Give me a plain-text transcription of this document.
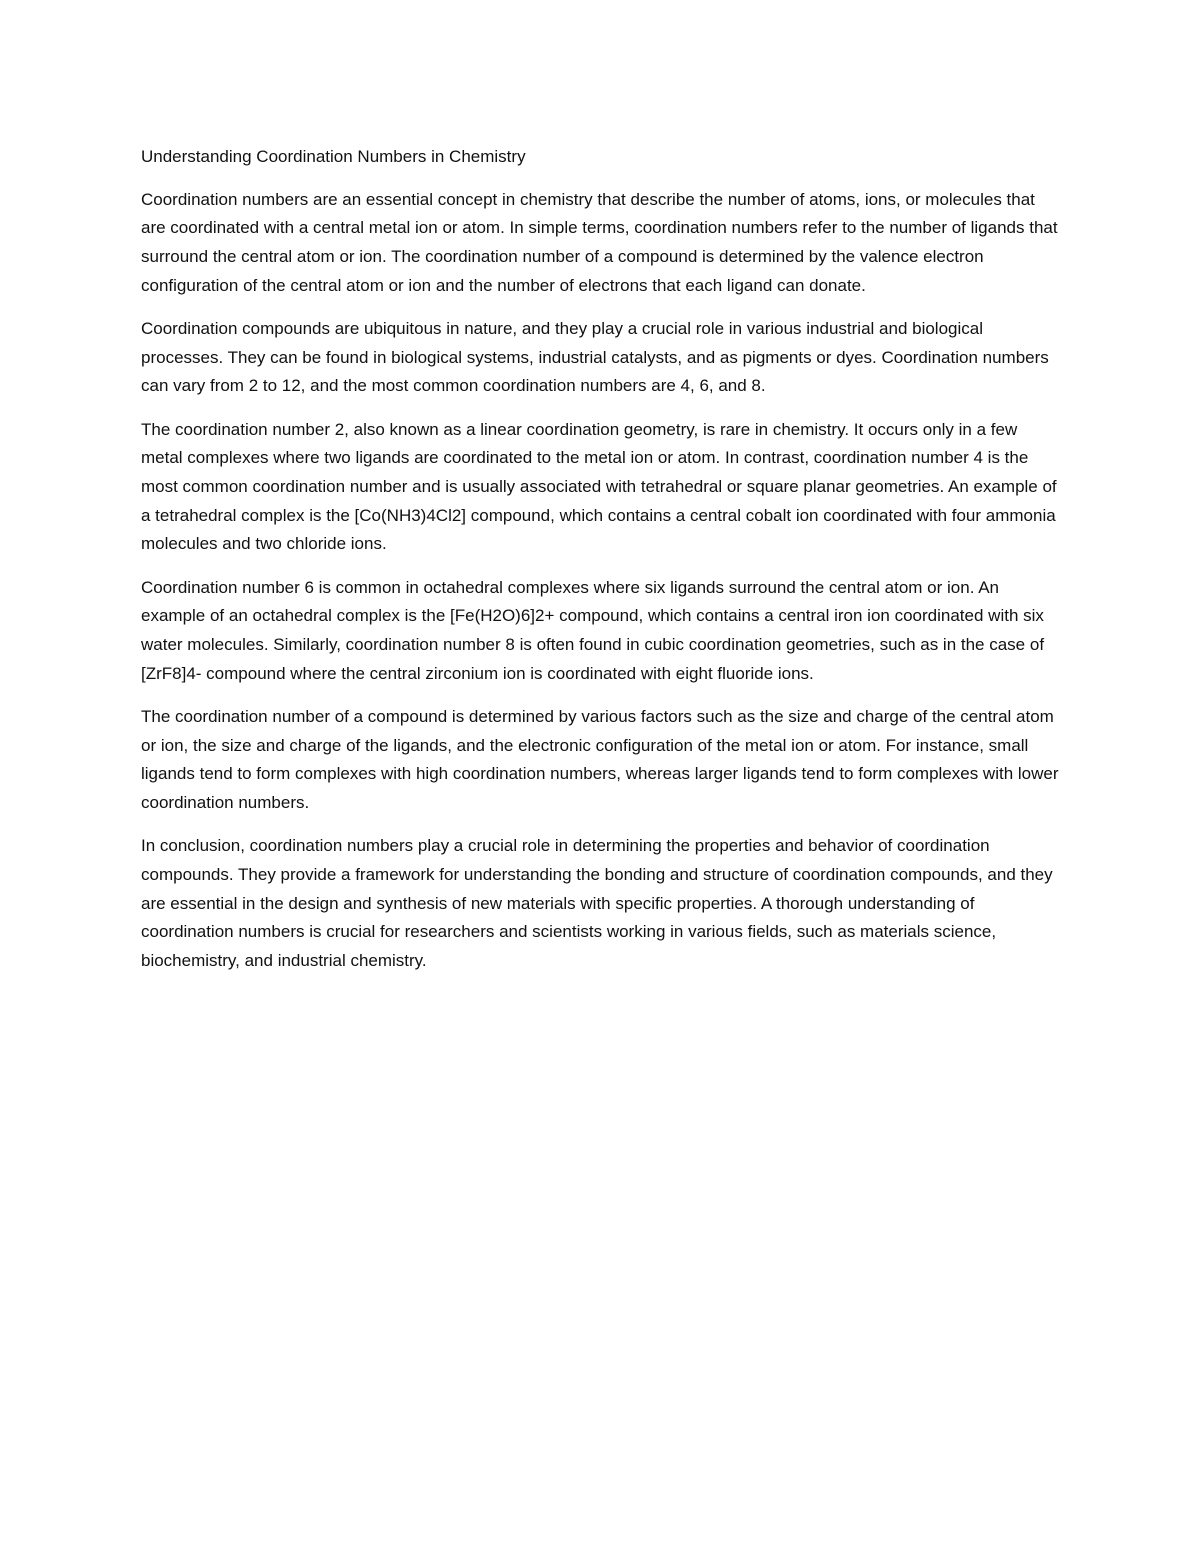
Understanding Coordination Numbers in Chemistry

Coordination numbers are an essential concept in chemistry that describe the number of atoms, ions, or molecules that are coordinated with a central metal ion or atom. In simple terms, coordination numbers refer to the number of ligands that surround the central atom or ion. The coordination number of a compound is determined by the valence electron configuration of the central atom or ion and the number of electrons that each ligand can donate.

Coordination compounds are ubiquitous in nature, and they play a crucial role in various industrial and biological processes. They can be found in biological systems, industrial catalysts, and as pigments or dyes. Coordination numbers can vary from 2 to 12, and the most common coordination numbers are 4, 6, and 8.

The coordination number 2, also known as a linear coordination geometry, is rare in chemistry. It occurs only in a few metal complexes where two ligands are coordinated to the metal ion or atom. In contrast, coordination number 4 is the most common coordination number and is usually associated with tetrahedral or square planar geometries. An example of a tetrahedral complex is the [Co(NH3)4Cl2] compound, which contains a central cobalt ion coordinated with four ammonia molecules and two chloride ions.

Coordination number 6 is common in octahedral complexes where six ligands surround the central atom or ion. An example of an octahedral complex is the [Fe(H2O)6]2+ compound, which contains a central iron ion coordinated with six water molecules. Similarly, coordination number 8 is often found in cubic coordination geometries, such as in the case of [ZrF8]4- compound where the central zirconium ion is coordinated with eight fluoride ions.

The coordination number of a compound is determined by various factors such as the size and charge of the central atom or ion, the size and charge of the ligands, and the electronic configuration of the metal ion or atom. For instance, small ligands tend to form complexes with high coordination numbers, whereas larger ligands tend to form complexes with lower coordination numbers.

In conclusion, coordination numbers play a crucial role in determining the properties and behavior of coordination compounds. They provide a framework for understanding the bonding and structure of coordination compounds, and they are essential in the design and synthesis of new materials with specific properties. A thorough understanding of coordination numbers is crucial for researchers and scientists working in various fields, such as materials science, biochemistry, and industrial chemistry.
